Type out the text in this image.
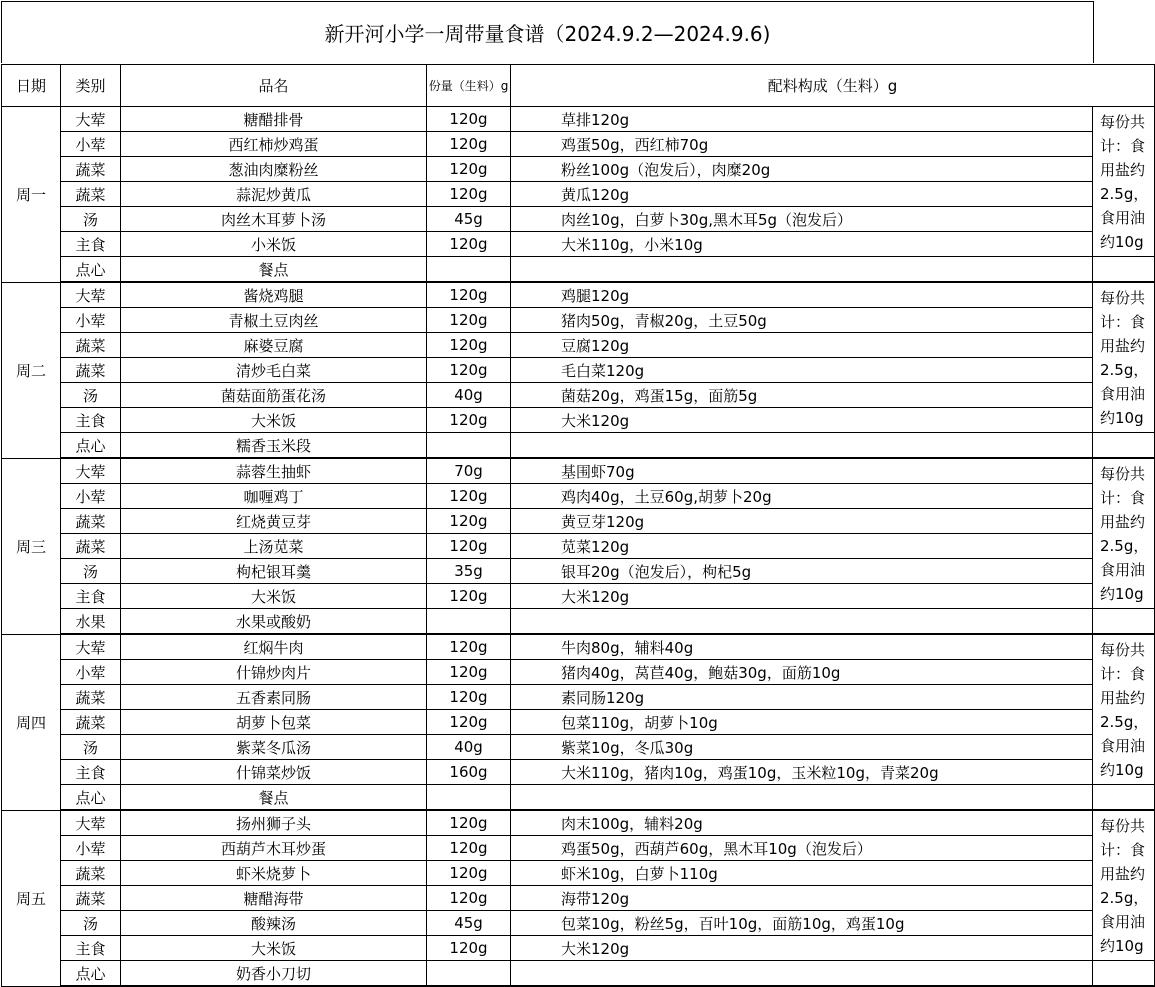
新开河小学一周带量食谱（2024.9.2—2024.9.6)
日期	类别	品名	份量（生料）g	配料构成（生料）g	
周一	大荤	糖醋排骨	120g	草排120g	每份共计：食用盐约2.5g，食用油约10g
	小荤	西红柿炒鸡蛋	120g	鸡蛋50g，西红柿70g	
	蔬菜	葱油肉糜粉丝	120g	粉丝100g（泡发后），肉糜20g	
	蔬菜	蒜泥炒黄瓜	120g	黄瓜120g	
	汤	肉丝木耳萝卜汤	45g	肉丝10g，白萝卜30g,黑木耳5g（泡发后）	
	主食	小米饭	120g	大米110g，小米10g	
	点心	餐点			
周二	大荤	酱烧鸡腿	120g	鸡腿120g	每份共计：食用盐约2.5g，食用油约10g
	小荤	青椒土豆肉丝	120g	猪肉50g，青椒20g，土豆50g	
	蔬菜	麻婆豆腐	120g	豆腐120g	
	蔬菜	清炒毛白菜	120g	毛白菜120g	
	汤	菌菇面筋蛋花汤	40g	菌菇20g，鸡蛋15g，面筋5g	
	主食	大米饭	120g	大米120g	
	点心	糯香玉米段			
周三	大荤	蒜蓉生抽虾	70g	基围虾70g	每份共计：食用盐约2.5g，食用油约10g
	小荤	咖喱鸡丁	120g	鸡肉40g，土豆60g,胡萝卜20g	
	蔬菜	红烧黄豆芽	120g	黄豆芽120g	
	蔬菜	上汤苋菜	120g	苋菜120g	
	汤	枸杞银耳羹	35g	银耳20g（泡发后），枸杞5g	
	主食	大米饭	120g	大米120g	
	水果	水果或酸奶			
周四	大荤	红焖牛肉	120g	牛肉80g，辅料40g	每份共计：食用盐约2.5g，食用油约10g
	小荤	什锦炒肉片	120g	猪肉40g，莴苣40g，鲍菇30g，面筋10g	
	蔬菜	五香素同肠	120g	素同肠120g	
	蔬菜	胡萝卜包菜	120g	包菜110g，胡萝卜10g	
	汤	紫菜冬瓜汤	40g	紫菜10g，冬瓜30g	
	主食	什锦菜炒饭	160g	大米110g，猪肉10g，鸡蛋10g，玉米粒10g，青菜20g	
	点心	餐点			
周五	大荤	扬州狮子头	120g	肉末100g，辅料20g	每份共计：食用盐约2.5g，食用油约10g
	小荤	西葫芦木耳炒蛋	120g	鸡蛋50g，西葫芦60g，黑木耳10g（泡发后）	
	蔬菜	虾米烧萝卜	120g	虾米10g，白萝卜110g	
	蔬菜	糖醋海带	120g	海带120g	
	汤	酸辣汤	45g	包菜10g，粉丝5g，百叶10g，面筋10g，鸡蛋10g	
	主食	大米饭	120g	大米120g	
	点心	奶香小刀切			
